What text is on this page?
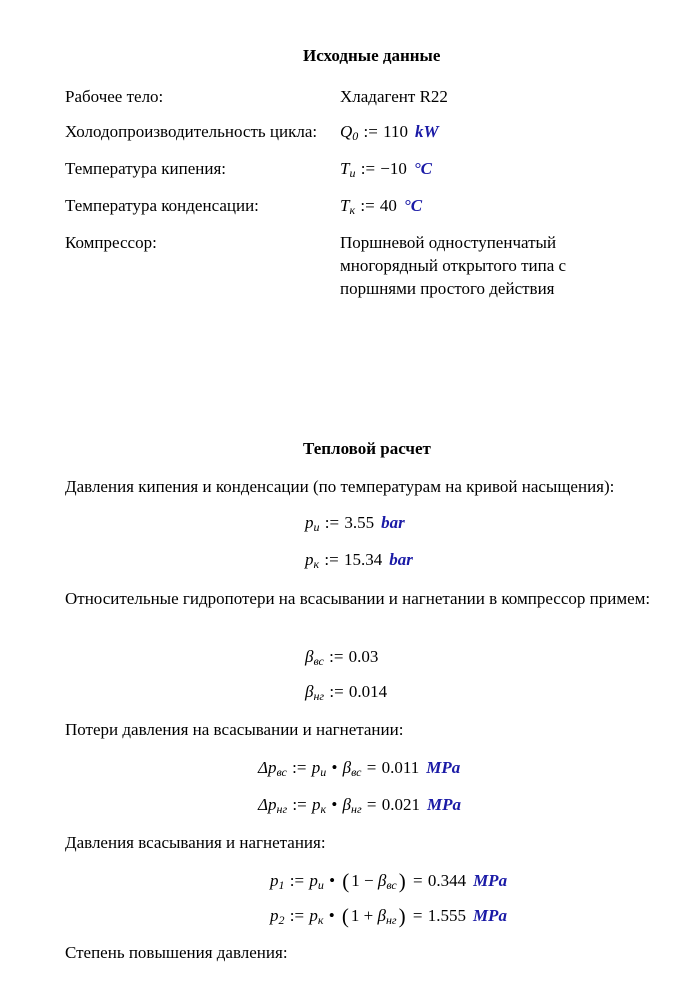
Исходные данные
Рабочее тело:	Хладагент R22
Холодопроизводительность цикла: $Q_0$ := 110 kW
Температура кипения:	$T_и$ := −10 °C
Температура конденсации:	$T_к$ := 40 °C
Компрессор:	Поршневой одноступенчатый многорядный открытого типа с поршнями простого действия
Тепловой расчет
Давления кипения и конденсации (по температурам на кривой насыщения):
$p_и$ := 3.55 bar
$p_к$ := 15.34 bar
Относительные гидропотери на всасывании и нагнетании в компрессор примем:
$\beta_{вс}$ := 0.03
$\beta_{нг}$ := 0.014
Потери давления на всасывании и нагнетании:
$\Delta p_{вс}$ := $p_и$ • $\beta_{вс} = 0.011$ MPa
$\Delta p_{нг}$ := $p_к$ • $\beta_{нг} = 0.021$ MPa
Давления всасывания и нагнетания:
$p_1$ := $p_и$ • ( $1 - \beta_{вс}) = 0.344$ MPa
$p_2$ := $p_к$ • ( $1 + \beta_{нг}) = 1.555$ MPa
Степень повышения давления:
